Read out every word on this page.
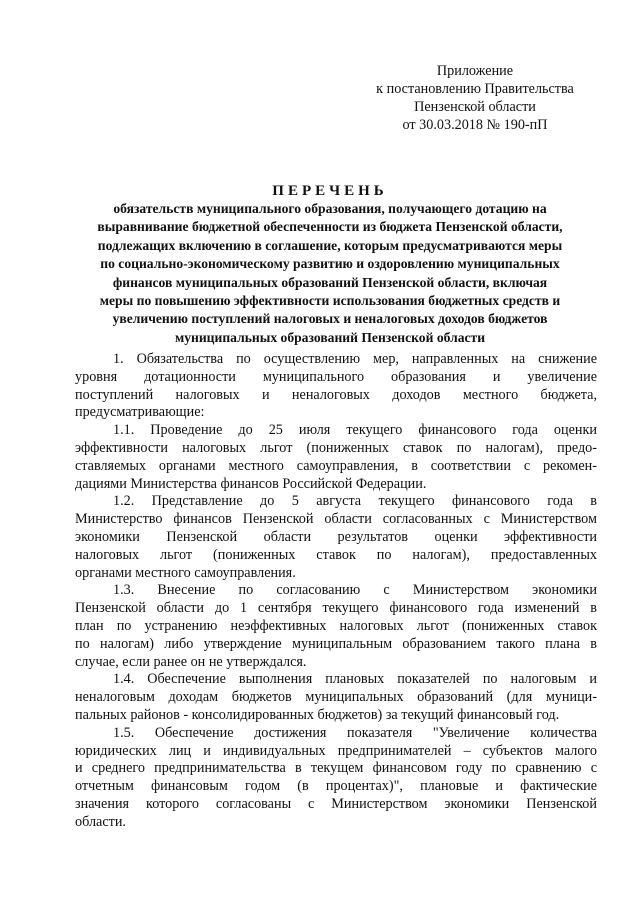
Приложение
к постановлению Правительства
Пензенской области
от 30.03.2018 № 190-пП
ПЕРЕЧЕНЬ
обязательств муниципального образования, получающего дотацию на
выравнивание бюджетной обеспеченности из бюджета Пензенской области,
подлежащих включению в соглашение, которым предусматриваются меры
по социально-экономическому развитию и оздоровлению муниципальных
финансов муниципальных образований Пензенской области, включая
меры по повышению эффективности использования бюджетных средств и
увеличению поступлений налоговых и неналоговых доходов бюджетов
муниципальных образований Пензенской области
1. Обязательства по осуществлению мер, направленных на снижение
уровня дотационности муниципального образования и увеличение
поступлений налоговых и неналоговых доходов местного бюджета,
предусматривающие:
1.1. Проведение до 25 июля текущего финансового года оценки
эффективности налоговых льгот (пониженных ставок по налогам), предо-
ставляемых органами местного самоуправления, в соответствии с рекомен-
дациями Министерства финансов Российской Федерации.
1.2. Представление до 5 августа текущего финансового года в
Министерство финансов Пензенской области согласованных с Министерством
экономики Пензенской области результатов оценки эффективности
налоговых льгот (пониженных ставок по налогам), предоставленных
органами местного самоуправления.
1.3. Внесение по согласованию с Министерством экономики
Пензенской области до 1 сентября текущего финансового года изменений в
план по устранению неэффективных налоговых льгот (пониженных ставок
по налогам) либо утверждение муниципальным образованием такого плана в
случае, если ранее он не утверждался.
1.4. Обеспечение выполнения плановых показателей по налоговым и
неналоговым доходам бюджетов муниципальных образований (для муници-
пальных районов - консолидированных бюджетов) за текущий финансовый год.
1.5. Обеспечение достижения показателя "Увеличение количества
юридических лиц и индивидуальных предпринимателей – субъектов малого
и среднего предпринимательства в текущем финансовом году по сравнению с
отчетным финансовым годом (в процентах)", плановые и фактические
значения которого согласованы с Министерством экономики Пензенской
области.
